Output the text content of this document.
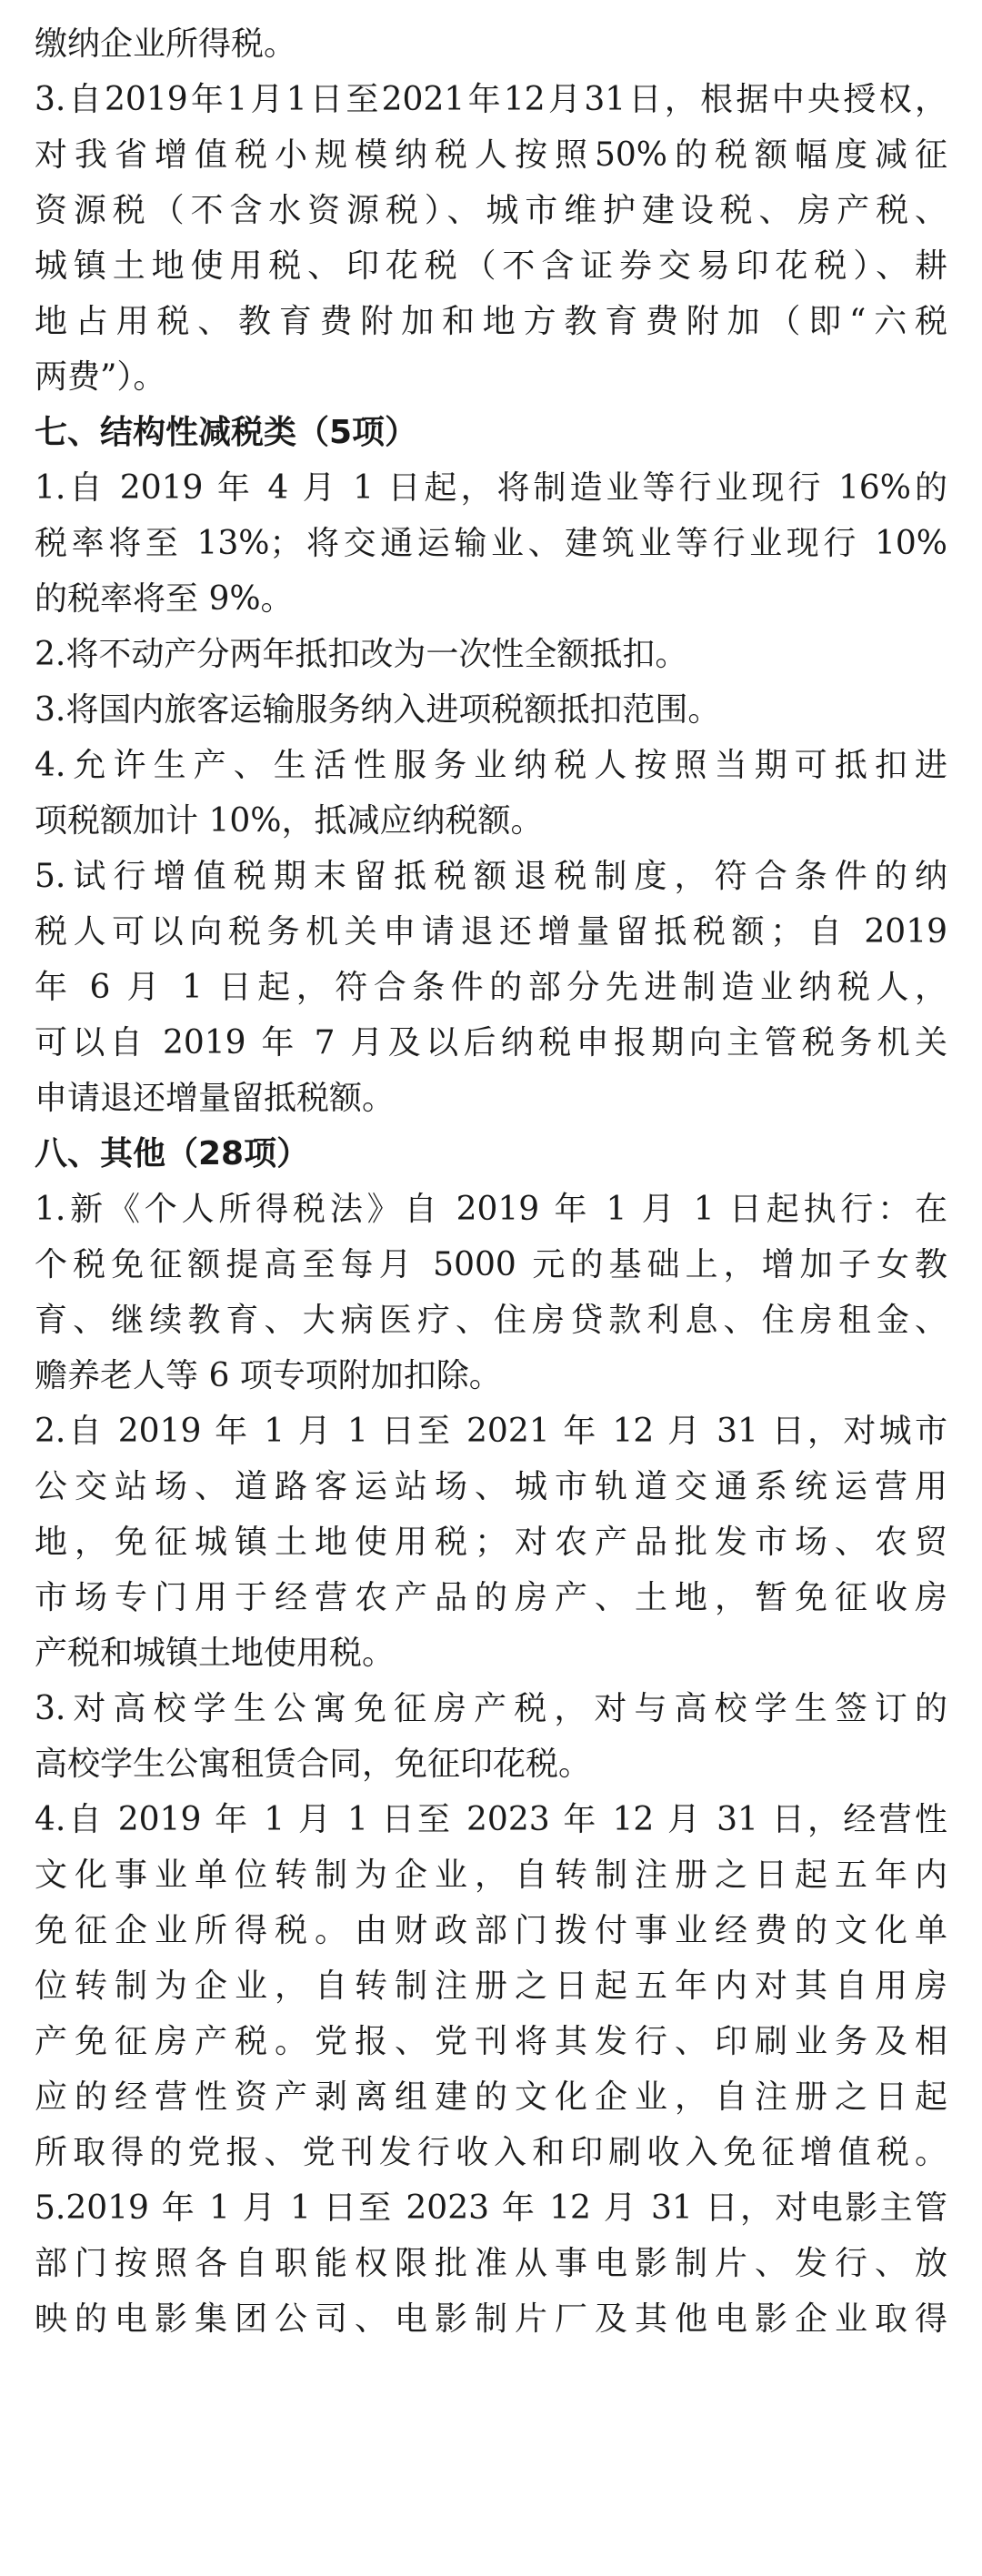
缴纳企业所得税。
3.自2019年1月1日至2021年12月31日，根据中央授权，
对我省增值税小规模纳税人按照50%的税额幅度减征
资源税（不含水资源税）、城市维护建设税、房产税、
城镇土地使用税、印花税（不含证券交易印花税）、耕
地占用税、教育费附加和地方教育费附加（即“六税
两费”）。
七、结构性减税类（5项）
1.自 2019 年 4 月 1 日起，将制造业等行业现行 16%的
税率将至 13%；将交通运输业、建筑业等行业现行 10%
的税率将至 9%。
2.将不动产分两年抵扣改为一次性全额抵扣。
3.将国内旅客运输服务纳入进项税额抵扣范围。
4.允许生产、生活性服务业纳税人按照当期可抵扣进
项税额加计 10%，抵减应纳税额。
5.试行增值税期末留抵税额退税制度，符合条件的纳
税人可以向税务机关申请退还增量留抵税额；自 2019
年 6 月 1 日起，符合条件的部分先进制造业纳税人，
可以自 2019 年 7 月及以后纳税申报期向主管税务机关
申请退还增量留抵税额。
八、其他（28项）
1.新《个人所得税法》自 2019 年 1 月 1 日起执行：在
个税免征额提高至每月 5000 元的基础上，增加子女教
育、继续教育、大病医疗、住房贷款利息、住房租金、
赡养老人等 6 项专项附加扣除。
2.自 2019 年 1 月 1 日至 2021 年 12 月 31 日，对城市
公交站场、道路客运站场、城市轨道交通系统运营用
地，免征城镇土地使用税；对农产品批发市场、农贸
市场专门用于经营农产品的房产、土地，暂免征收房
产税和城镇土地使用税。
3.对高校学生公寓免征房产税，对与高校学生签订的
高校学生公寓租赁合同，免征印花税。
4.自 2019 年 1 月 1 日至 2023 年 12 月 31 日，经营性
文化事业单位转制为企业，自转制注册之日起五年内
免征企业所得税。由财政部门拨付事业经费的文化单
位转制为企业，自转制注册之日起五年内对其自用房
产免征房产税。党报、党刊将其发行、印刷业务及相
应的经营性资产剥离组建的文化企业，自注册之日起
所取得的党报、党刊发行收入和印刷收入免征增值税。
5.2019 年 1 月 1 日至 2023 年 12 月 31 日，对电影主管
部门按照各自职能权限批准从事电影制片、发行、放
映的电影集团公司、电影制片厂及其他电影企业取得
